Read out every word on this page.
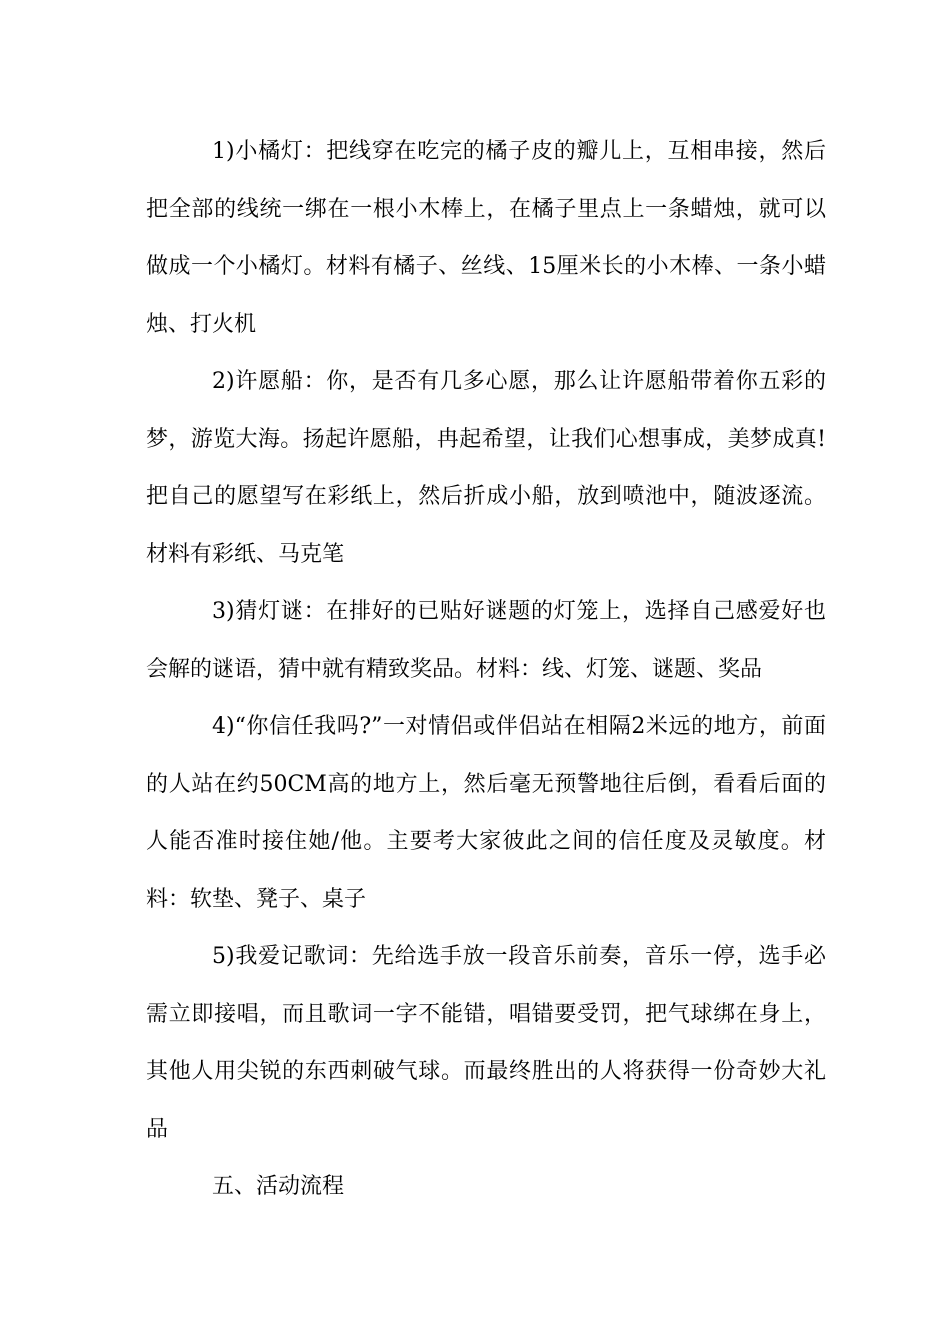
1)小橘灯：把线穿在吃完的橘子皮的瓣儿上，互相串接，然后把全部的线统一绑在一根小木棒上，在橘子里点上一条蜡烛，就可以做成一个小橘灯。材料有橘子、丝线、15厘米长的小木棒、一条小蜡烛、打火机

2)许愿船：你，是否有几多心愿，那么让许愿船带着你五彩的梦，游览大海。扬起许愿船，冉起希望，让我们心想事成，美梦成真!把自己的愿望写在彩纸上，然后折成小船，放到喷池中，随波逐流。材料有彩纸、马克笔

3)猜灯谜：在排好的已贴好谜题的灯笼上，选择自己感爱好也会解的谜语，猜中就有精致奖品。材料：线、灯笼、谜题、奖品

4)“你信任我吗?”一对情侣或伴侣站在相隔2米远的地方，前面的人站在约50CM高的地方上，然后毫无预警地往后倒，看看后面的人能否准时接住她/他。主要考大家彼此之间的信任度及灵敏度。材料：软垫、凳子、桌子

5)我爱记歌词：先给选手放一段音乐前奏，音乐一停，选手必需立即接唱，而且歌词一字不能错，唱错要受罚，把气球绑在身上，其他人用尖锐的东西刺破气球。而最终胜出的人将获得一份奇妙大礼品

五、活动流程
